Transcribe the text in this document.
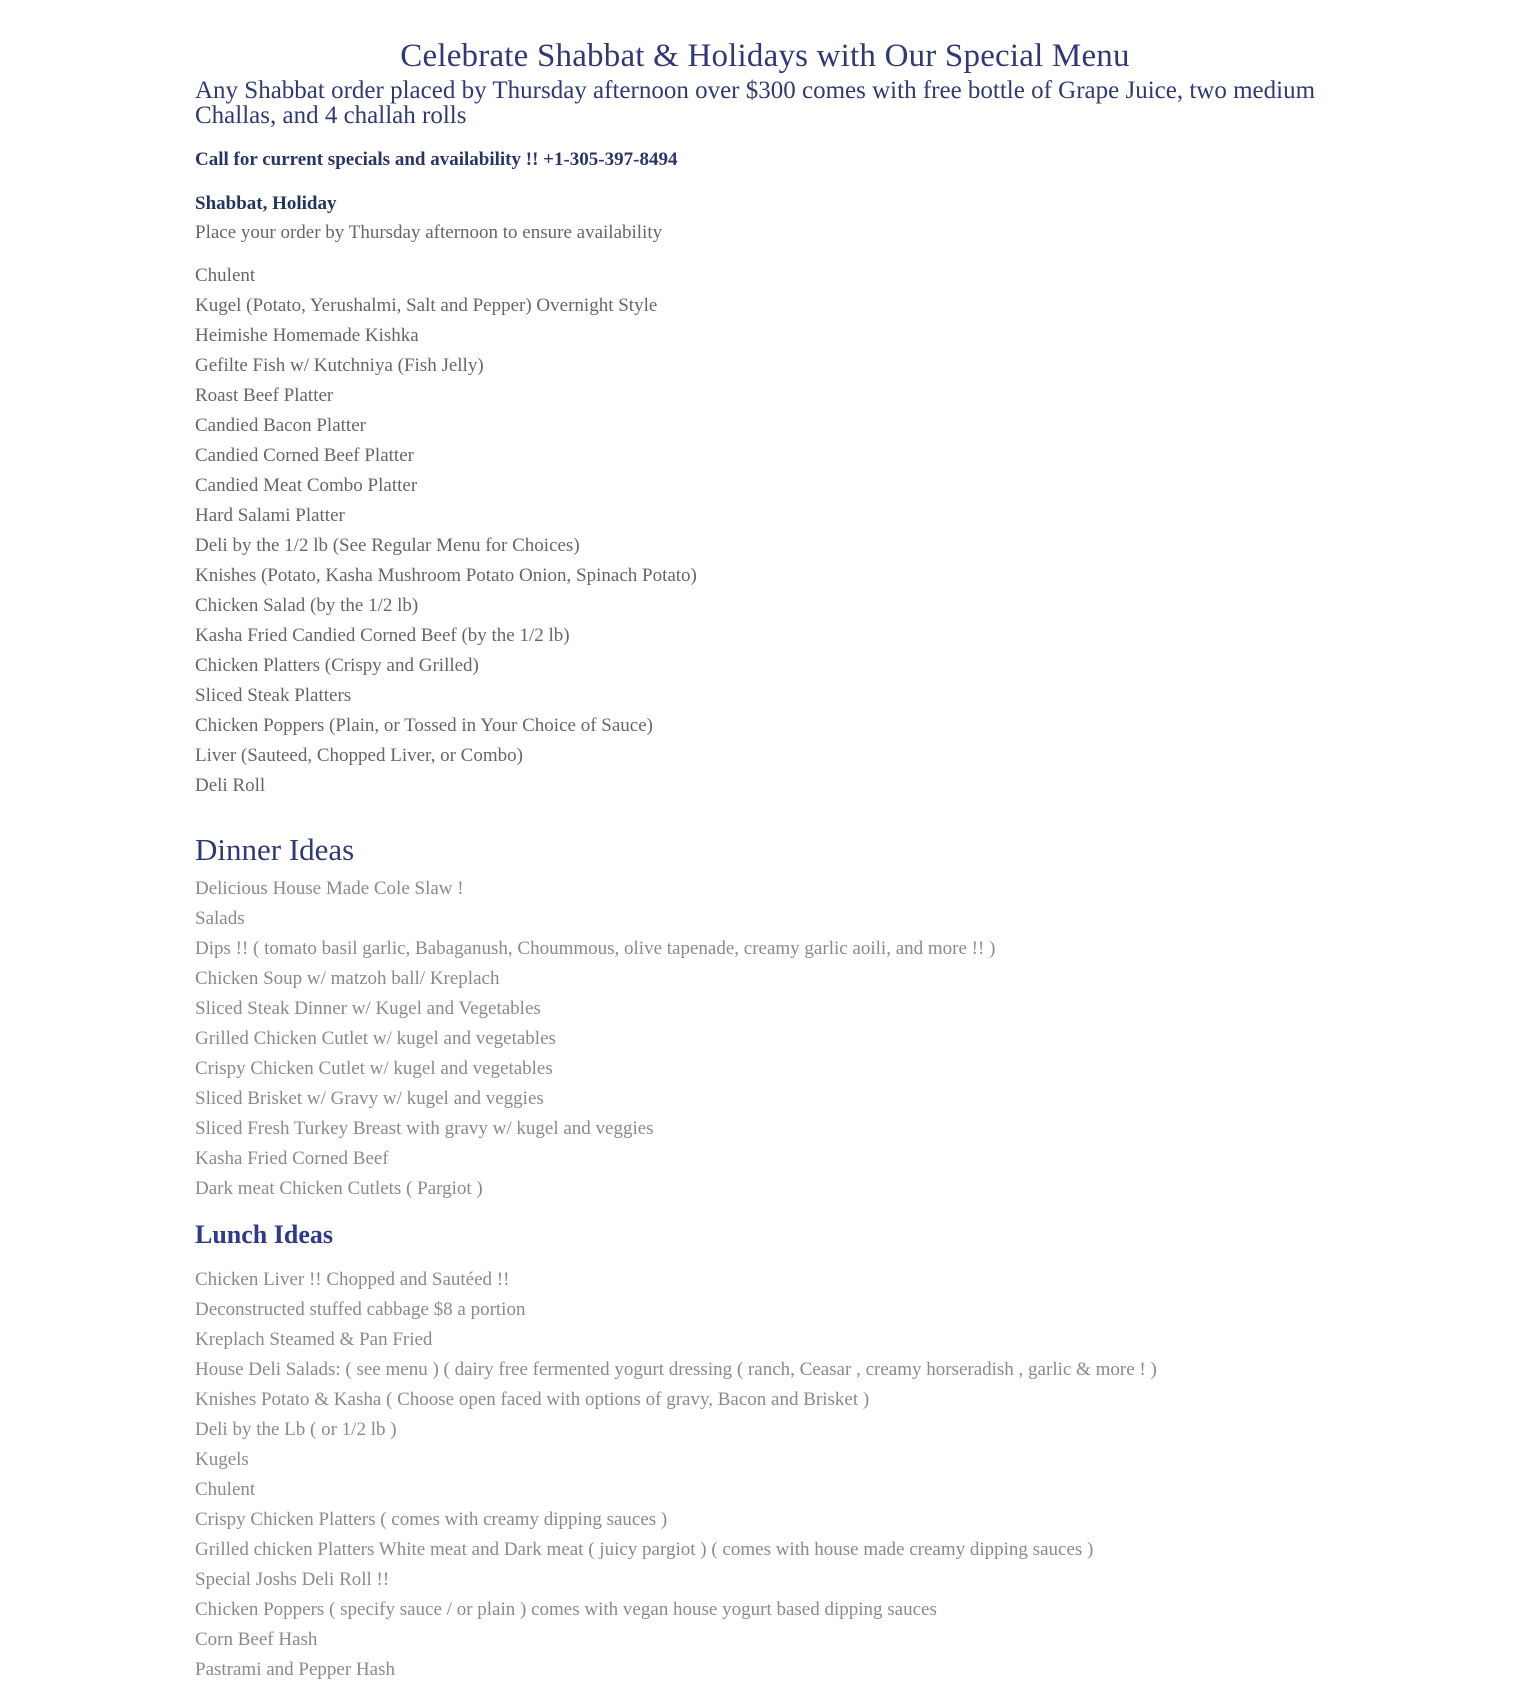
Celebrate Shabbat & Holidays with Our Special Menu
Any Shabbat order placed by Thursday afternoon over $300 comes with free bottle of Grape Juice, two medium Challas, and 4 challah rolls

Call for current specials and availability !! +1-305-397-8494

Shabbat, Holiday

Place your order by Thursday afternoon to ensure availability

Chulent
Kugel (Potato, Yerushalmi, Salt and Pepper) Overnight Style
Heimishe Homemade Kishka
Gefilte Fish w/ Kutchniya (Fish Jelly)
Roast Beef Platter
Candied Bacon Platter
Candied Corned Beef Platter
Candied Meat Combo Platter
Hard Salami Platter
Deli by the 1/2 lb (See Regular Menu for Choices)
Knishes (Potato, Kasha Mushroom Potato Onion, Spinach Potato)
Chicken Salad (by the 1/2 lb)
Kasha Fried Candied Corned Beef (by the 1/2 lb)
Chicken Platters (Crispy and Grilled)
Sliced Steak Platters
Chicken Poppers (Plain, or Tossed in Your Choice of Sauce)
Liver (Sauteed, Chopped Liver, or Combo)
Deli Roll
Dinner Ideas
Delicious House Made Cole Slaw !
Salads
Dips !! ( tomato basil garlic, Babaganush, Choummous, olive tapenade, creamy garlic aoili, and more !! )
Chicken Soup w/ matzoh ball/ Kreplach
Sliced Steak Dinner w/ Kugel and Vegetables
Grilled Chicken Cutlet w/ kugel and vegetables
Crispy Chicken Cutlet w/ kugel and vegetables
Sliced Brisket w/ Gravy w/ kugel and veggies
Sliced Fresh Turkey Breast with gravy w/ kugel and veggies
Kasha Fried Corned Beef
Dark meat Chicken Cutlets ( Pargiot )
Lunch Ideas
Chicken Liver !! Chopped and Sautéed !!
Deconstructed stuffed cabbage $8 a portion
Kreplach Steamed & Pan Fried
House Deli Salads: ( see menu ) ( dairy free fermented yogurt dressing ( ranch, Ceasar , creamy horseradish , garlic & more ! )
Knishes Potato & Kasha ( Choose open faced with options of gravy, Bacon and Brisket )
Deli by the Lb ( or 1/2 lb )
Kugels
Chulent
Crispy Chicken Platters ( comes with creamy dipping sauces )
Grilled chicken Platters White meat and Dark meat ( juicy pargiot ) ( comes with house made creamy dipping sauces )
Special Joshs Deli Roll !!
Chicken Poppers ( specify sauce / or plain ) comes with vegan house yogurt based dipping sauces
Corn Beef Hash
Pastrami and Pepper Hash
